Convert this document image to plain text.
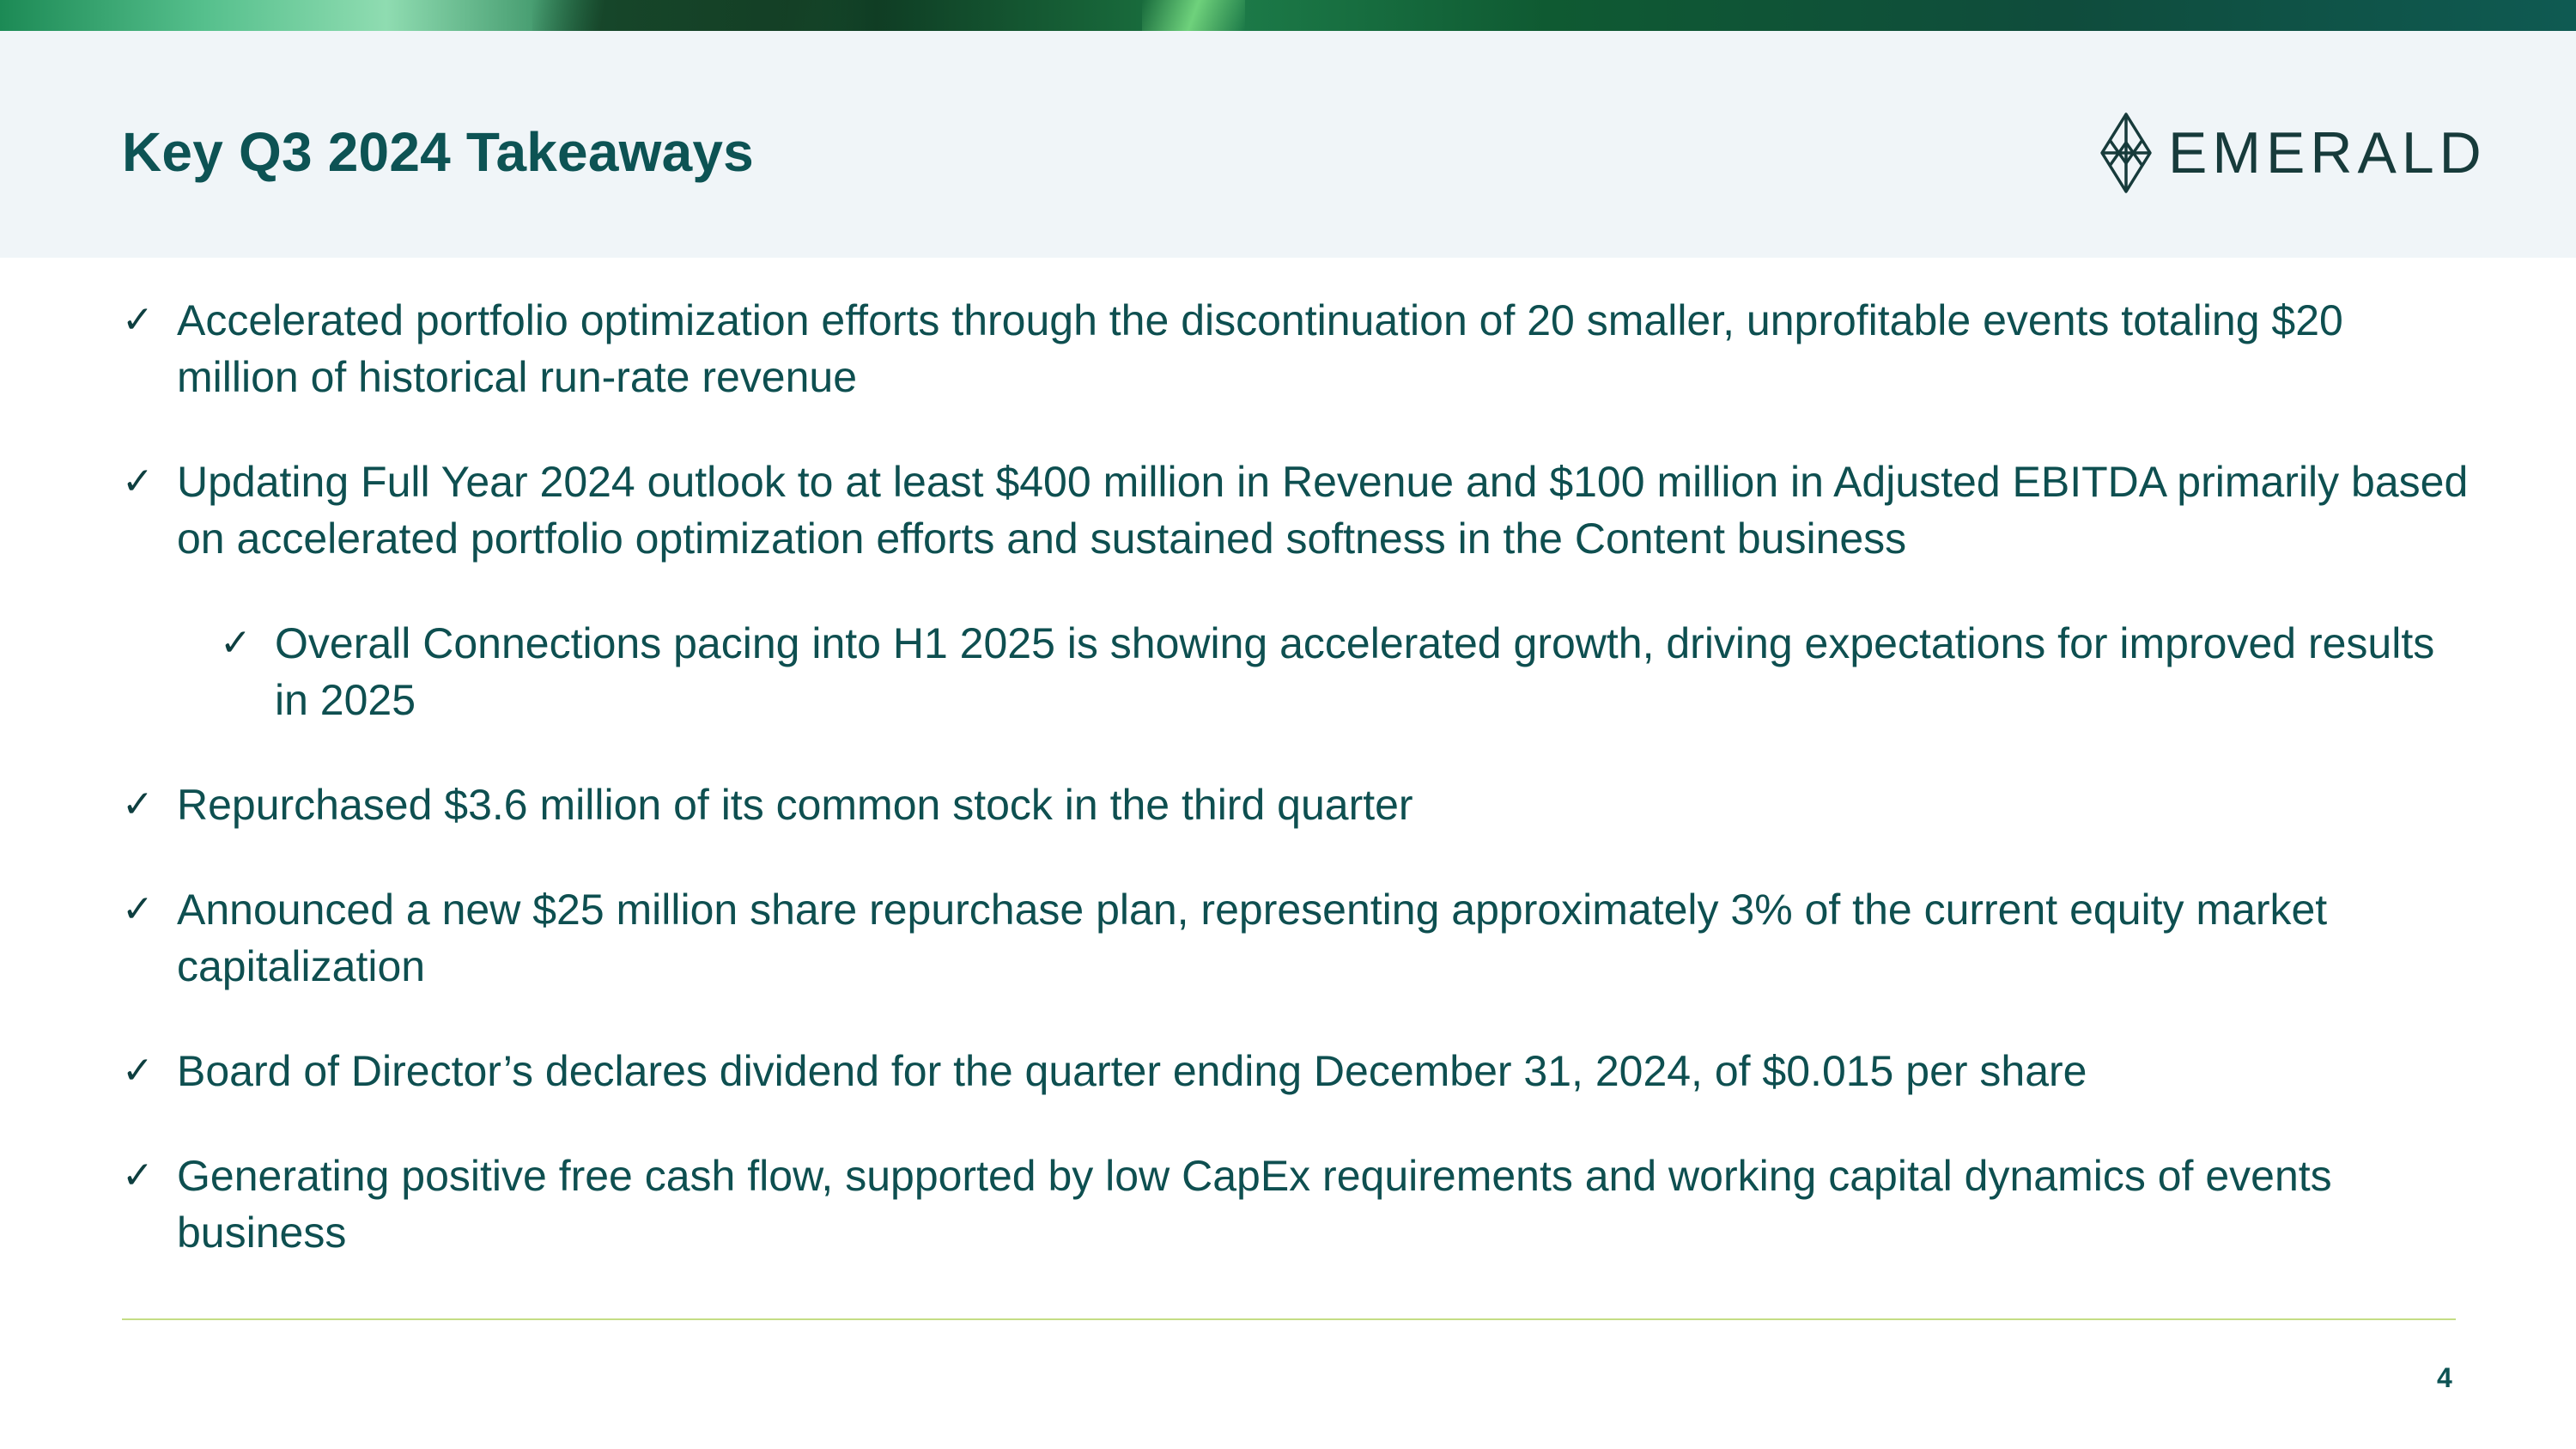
Key Q3 2024 Takeaways	EMERALD
✓ Accelerated portfolio optimization efforts through the discontinuation of 20 smaller, unprofitable events totaling $20 million of historical run-rate revenue
✓ Updating Full Year 2024 outlook to at least $400 million in Revenue and $100 million in Adjusted EBITDA primarily based on accelerated portfolio optimization efforts and sustained softness in the Content business
✓ Overall Connections pacing into H1 2025 is showing accelerated growth, driving expectations for improved results in 2025
✓ Repurchased $3.6 million of its common stock in the third quarter
✓ Announced a new $25 million share repurchase plan, representing approximately 3% of the current equity market capitalization
✓ Board of Director’s declares dividend for the quarter ending December 31, 2024, of $0.015 per share
✓ Generating positive free cash flow, supported by low CapEx requirements and working capital dynamics of events business
4
